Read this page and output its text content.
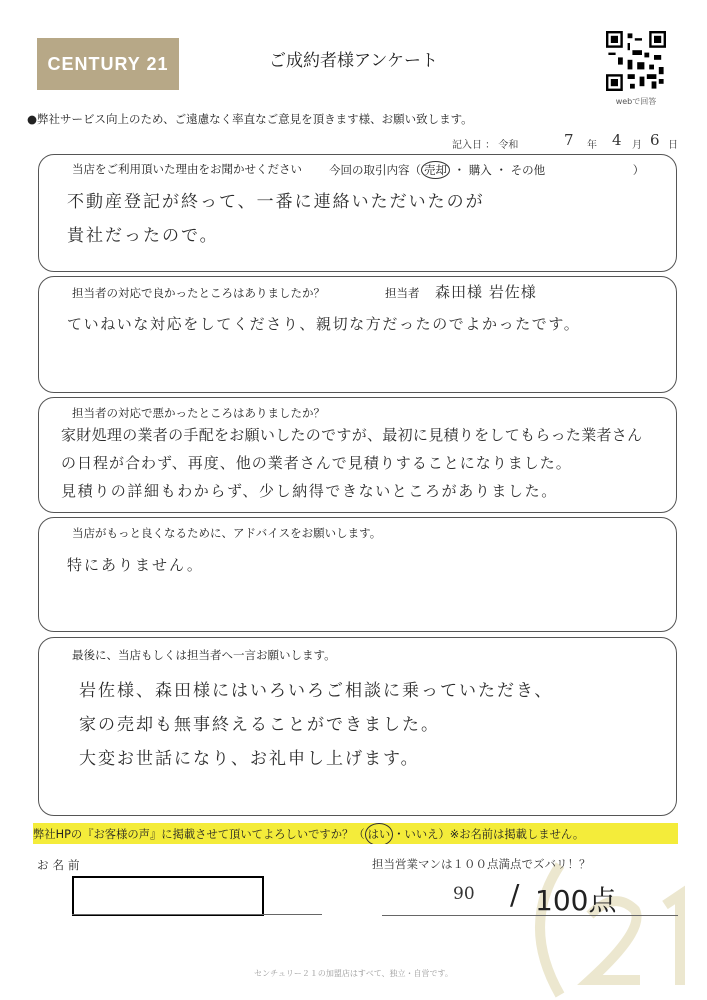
CENTURY 21	ご成約者様アンケート
webで回答
●弊社サービス向上のため、ご遠慮なく率直なご意見を頂きます様、お願い致します。
記入日 ： 令和	7 年 4 月 6 日
当店をご利用頂いた理由をお聞かせください 今回の取引内容（ 売却 ・ 購入 ・ その他	）
不動産登記が終って、一番に連絡いただいたのが
貴社だったので。
担当者の対応で良かったところはありましたか？	担当者 森田様 岩佐様
ていねいな対応をしてくださり、親切な方だったのでよかったです。
担当者の対応で悪かったところはありましたか？
家財処理の業者の手配をお願いしたのですが、最初に見積りをしてもらった業者さん
の日程が合わず、再度、他の業者さんで見積りすることになりました。
見積りの詳細もわからず、少し納得できないところがありました。
当店がもっと良くなるために、アドバイスをお願いします。
特にありません。
最後に、当店もしくは担当者へ一言お願いします。
岩佐様、森田様にはいろいろご相談に乗っていただき、
家の売却も無事終えることができました。
大変お世話になり、お礼申し上げます。
弊社HPの『お客様の声』に掲載させて頂いてよろしいですか？（ はい ・いいえ）※お名前は掲載しません。
お名前	担当営業マンは１００点満点でズバリ！？
90 / 100点
センチュリー２１の加盟店はすべて、独立・自営です。
